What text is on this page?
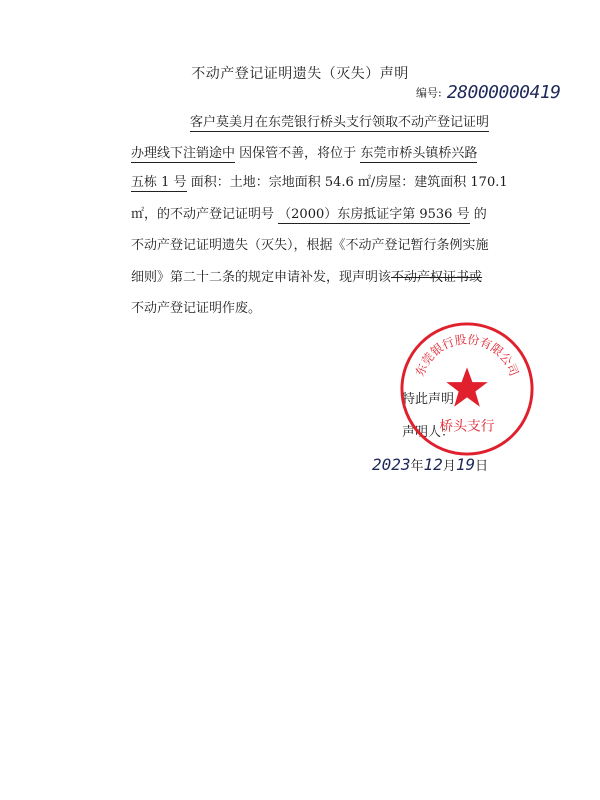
不动产登记证明遗失（灭失）声明
编号: 28000000419
客户莫美月在东莞银行桥头支行领取不动产登记证明
办理线下注销途中 因保管不善，将位于 东莞市桥头镇桥兴路
五栋 1 号 面积：土地：宗地面积 54.6 ㎡/房屋：建筑面积 170.1
㎡，的不动产登记证明号 （2000）东房抵证字第 9536 号 的
不动产登记证明遗失（灭失），根据《不动产登记暂行条例实施
细则》第二十二条的规定申请补发，现声明该不动产权证书或
不动产登记证明作废。
特此声明
声明人：
2023年12月19日
东莞银行股份有限公司
桥头支行
